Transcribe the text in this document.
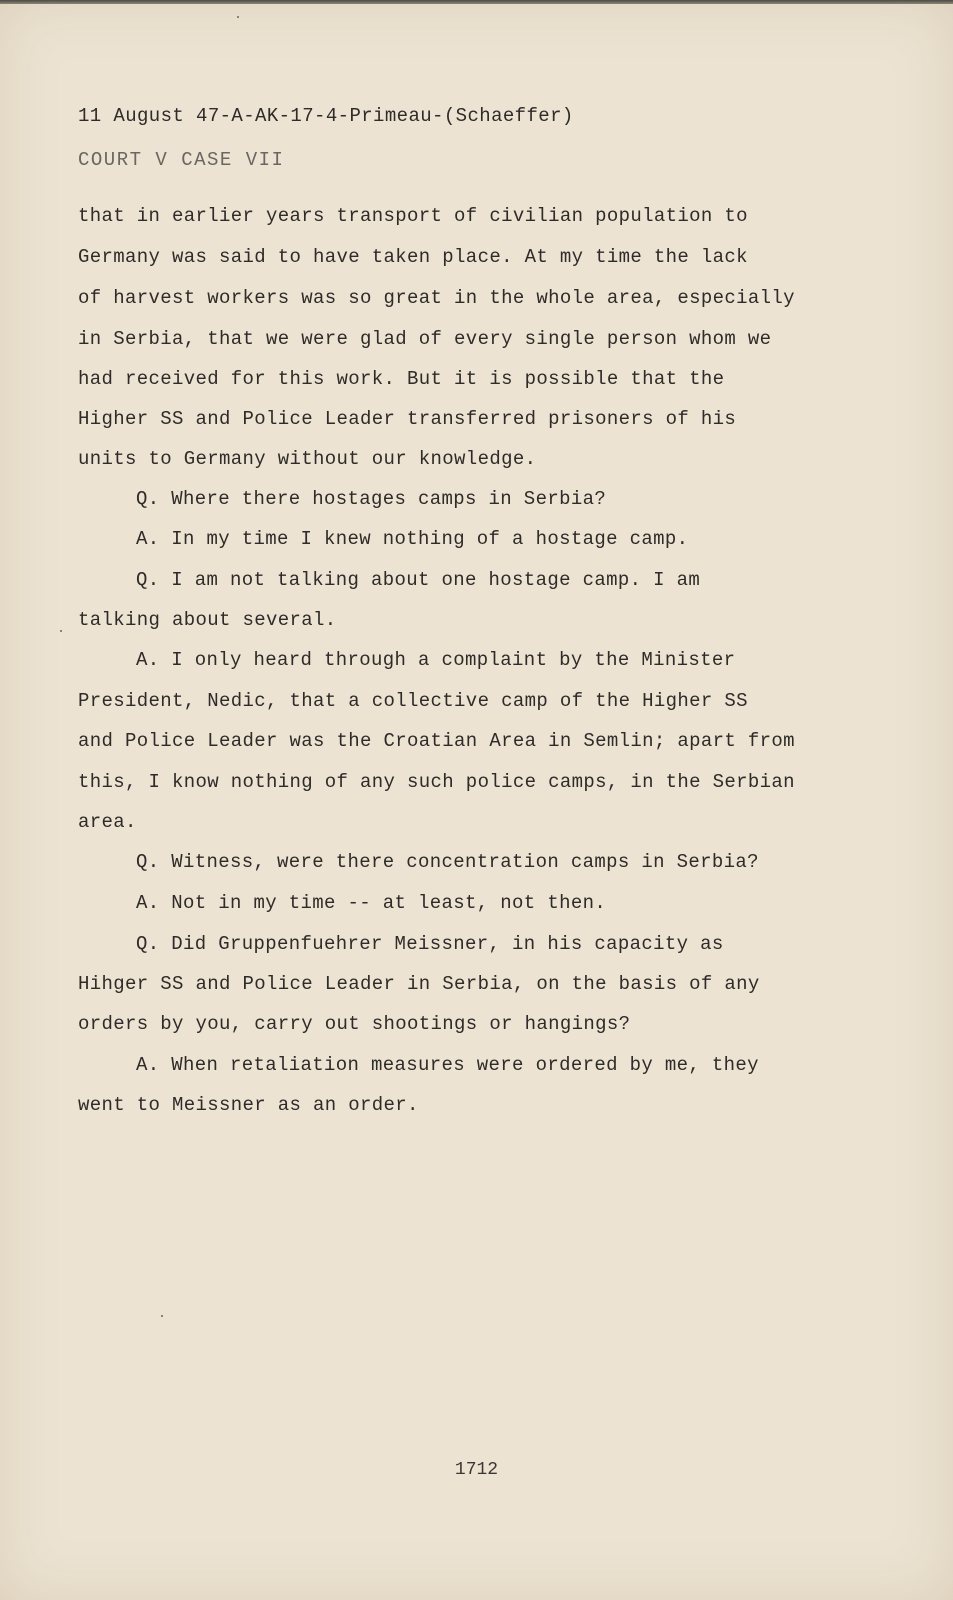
11 August 47-A-AK-17-4-Primeau-(Schaeffer)
COURT V CASE VII
that in earlier years transport of civilian population to
Germany was said to have taken place. At my time the lack
of harvest workers was so great in the whole area, especially
in Serbia, that we were glad of every single person whom we
had received for this work. But it is possible that the
Higher SS and Police Leader transferred prisoners of his
units to Germany without our knowledge.
Q. Where there hostages camps in Serbia?
A. In my time I knew nothing of a hostage camp.
Q. I am not talking about one hostage camp. I am
talking about several.
A. I only heard through a complaint by the Minister
President, Nedic, that a collective camp of the Higher SS
and Police Leader was the Croatian Area in Semlin; apart from
this, I know nothing of any such police camps, in the Serbian
area.
Q. Witness, were there concentration camps in Serbia?
A. Not in my time -- at least, not then.
Q. Did Gruppenfuehrer Meissner, in his capacity as
Hihger SS and Police Leader in Serbia, on the basis of any
orders by you, carry out shootings or hangings?
A. When retaliation measures were ordered by me, they
went to Meissner as an order.
1712
